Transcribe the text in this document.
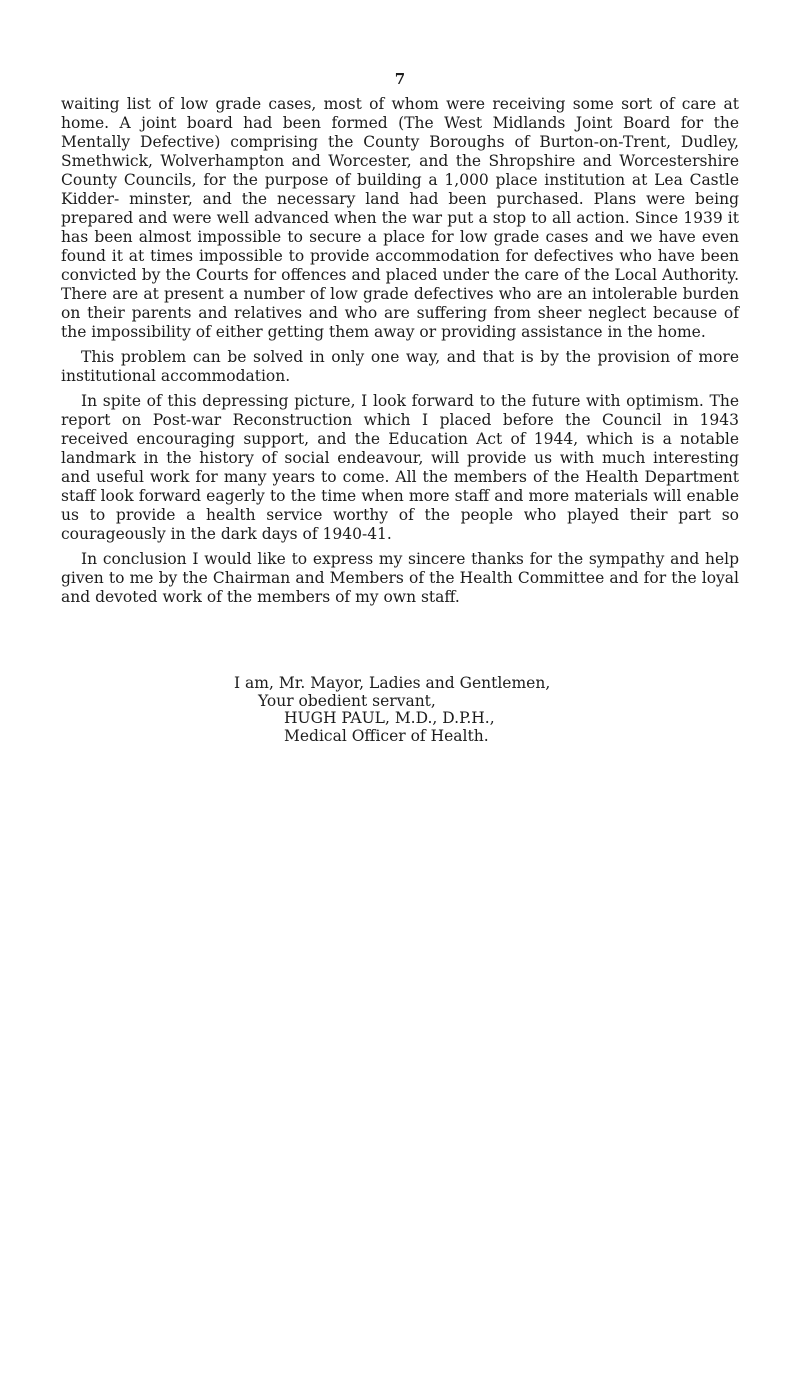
7

waiting list of low grade cases, most of whom were receiving some sort of care at home. A joint board had been formed (The West Midlands Joint Board for the Mentally Defective) comprising the County Boroughs of Burton-on-Trent, Dudley, Smethwick, Wolverhampton and Worcester, and the Shropshire and Worcestershire County Councils, for the purpose of building a 1,000 place institution at Lea Castle Kidder- minster, and the necessary land had been purchased. Plans were being prepared and were well advanced when the war put a stop to all action. Since 1939 it has been almost impossible to secure a place for low grade cases and we have even found it at times impossible to provide accommodation for defectives who have been convicted by the Courts for offences and placed under the care of the Local Authority. There are at present a number of low grade defectives who are an intolerable burden on their parents and relatives and who are suffering from sheer neglect because of the impossibility of either getting them away or providing assistance in the home.

This problem can be solved in only one way, and that is by the provision of more institutional accommodation.

In spite of this depressing picture, I look forward to the future with optimism. The report on Post-war Reconstruction which I placed before the Council in 1943 received encouraging support, and the Education Act of 1944, which is a notable landmark in the history of social endeavour, will provide us with much interesting and useful work for many years to come. All the members of the Health Department staff look forward eagerly to the time when more staff and more materials will enable us to provide a health service worthy of the people who played their part so courageously in the dark days of 1940-41.

In conclusion I would like to express my sincere thanks for the sympathy and help given to me by the Chairman and Members of the Health Committee and for the loyal and devoted work of the members of my own staff.

I am, Mr. Mayor, Ladies and Gentlemen,
Your obedient servant,
HUGH PAUL, M.D., D.P.H.,
Medical Officer of Health.
